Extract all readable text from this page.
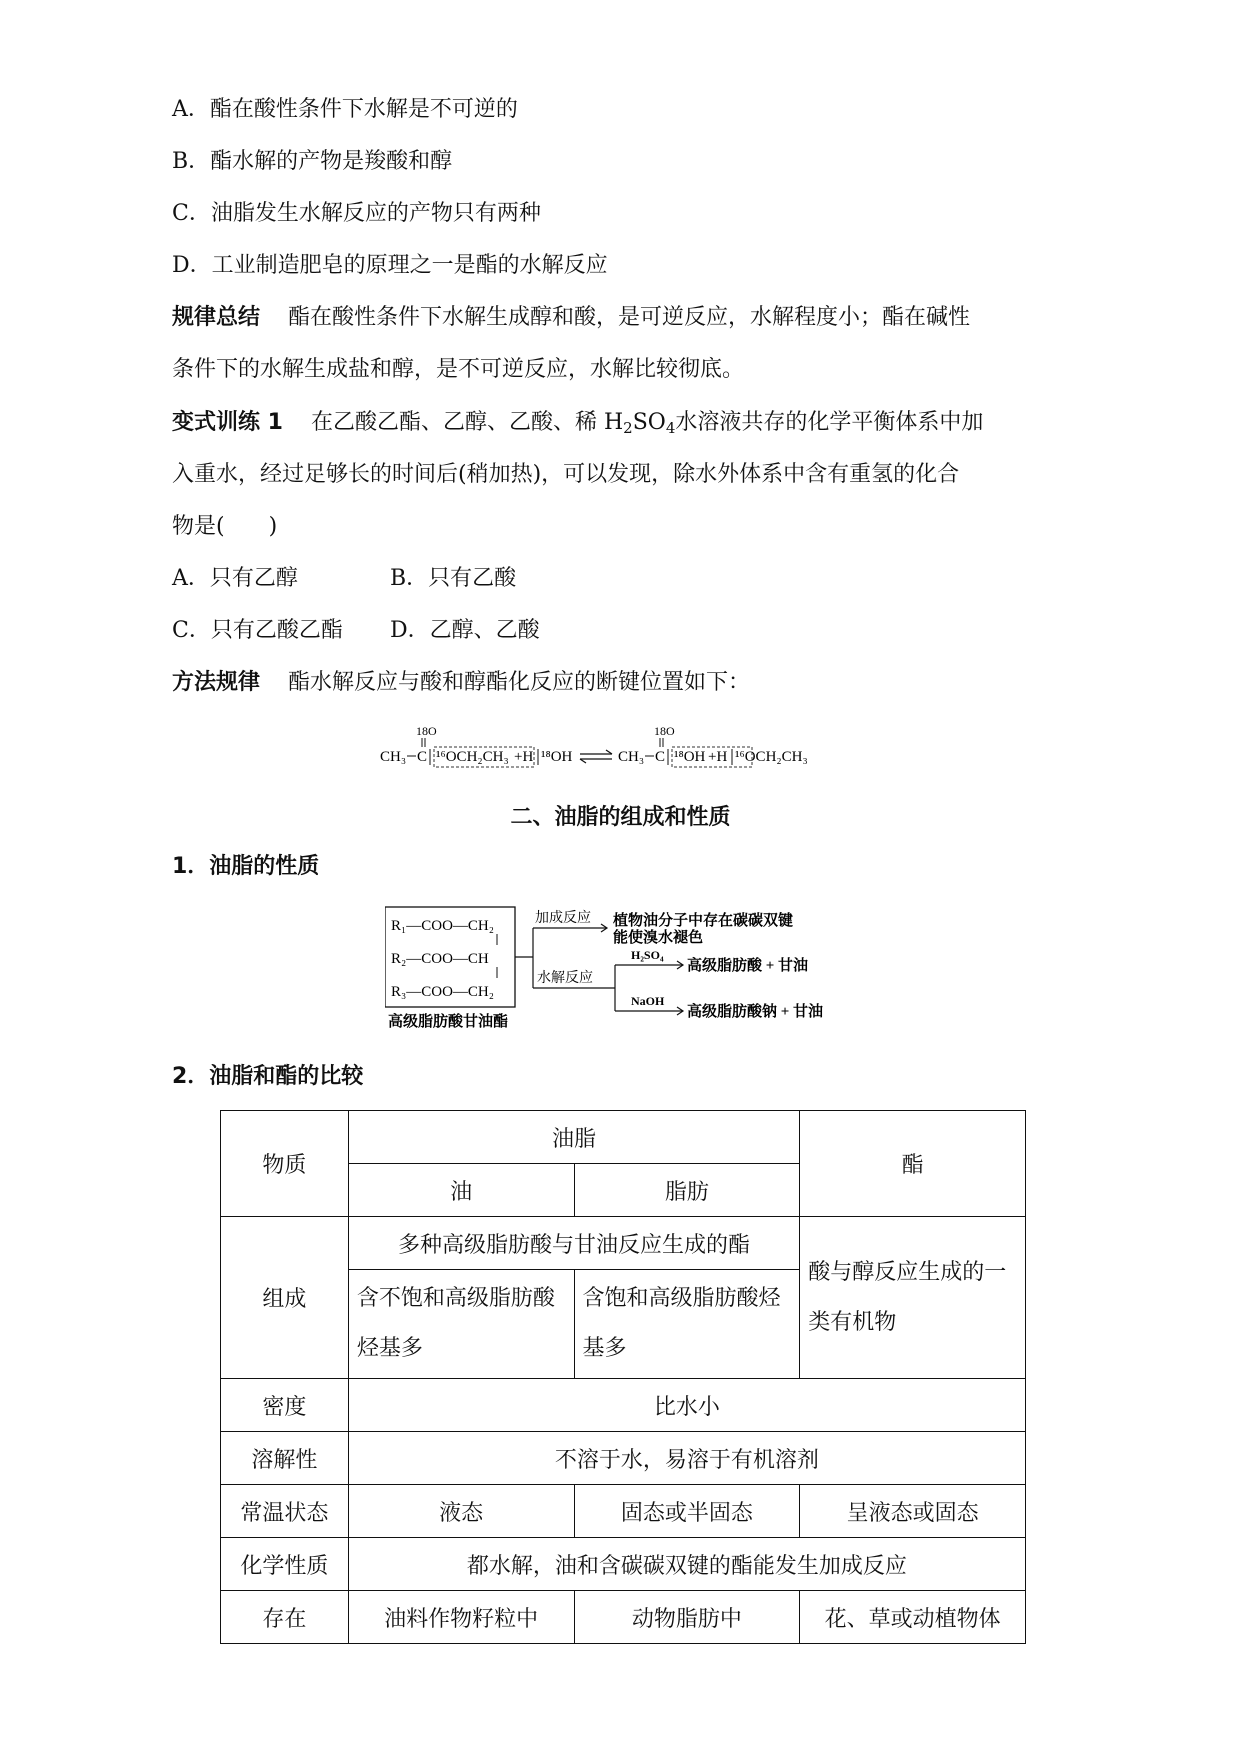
A．酯在酸性条件下水解是不可逆的
B．酯水解的产物是羧酸和醇
C．油脂发生水解反应的产物只有两种
D．工业制造肥皂的原理之一是酯的水解反应
规律总结 酯在酸性条件下水解生成醇和酸，是可逆反应，水解程度小；酯在碱性
条件下的水解生成盐和醇，是不可逆反应，水解比较彻底。
变式训练 1 在乙酸乙酯、乙醇、乙酸、稀 $H_2SO_4$水溶液共存的化学平衡体系中加
入重水，经过足够长的时间后(稍加热)，可以发现，除水外体系中含有重氢的化合
物是(　　)
A．只有乙醇	B．只有乙酸
C．只有乙酸乙酯 D．乙醇、乙酸
方法规律 酯水解反应与酸和醇酯化反应的断键位置如下：
18O
CH₃ C ¹⁶OCH₂CH₃ +H ¹⁸OH
18O
CH₃ C ¹⁸OH +H ¹⁶OCH₂CH₃
二、油脂的组成和性质
1．油脂的性质
R₁—COO—CH₂
R₂—COO—CH
R₃—COO—CH₂
高级脂肪酸甘油酯
加成反应 植物油分子中存在碳碳双键
能使溴水褪色
水解反应
H₂SO₄
高级脂肪酸 + 甘油
NaOH
高级脂肪酸钠 + 甘油
2．油脂和酯的比较
物质	油脂		酯
	油	脂肪	
组成	多种高级脂肪酸与甘油反应生成的酯		酸与醇反应生成的一类有机物
	含不饱和高级脂肪酸烃基多	含饱和高级脂肪酸烃基多	
密度	比水小		
溶解性	不溶于水，易溶于有机溶剂		
常温状态	液态	固态或半固态	呈液态或固态
化学性质	都水解，油和含碳碳双键的酯能发生加成反应		
存在	油料作物籽粒中	动物脂肪中	花、草或动植物体
